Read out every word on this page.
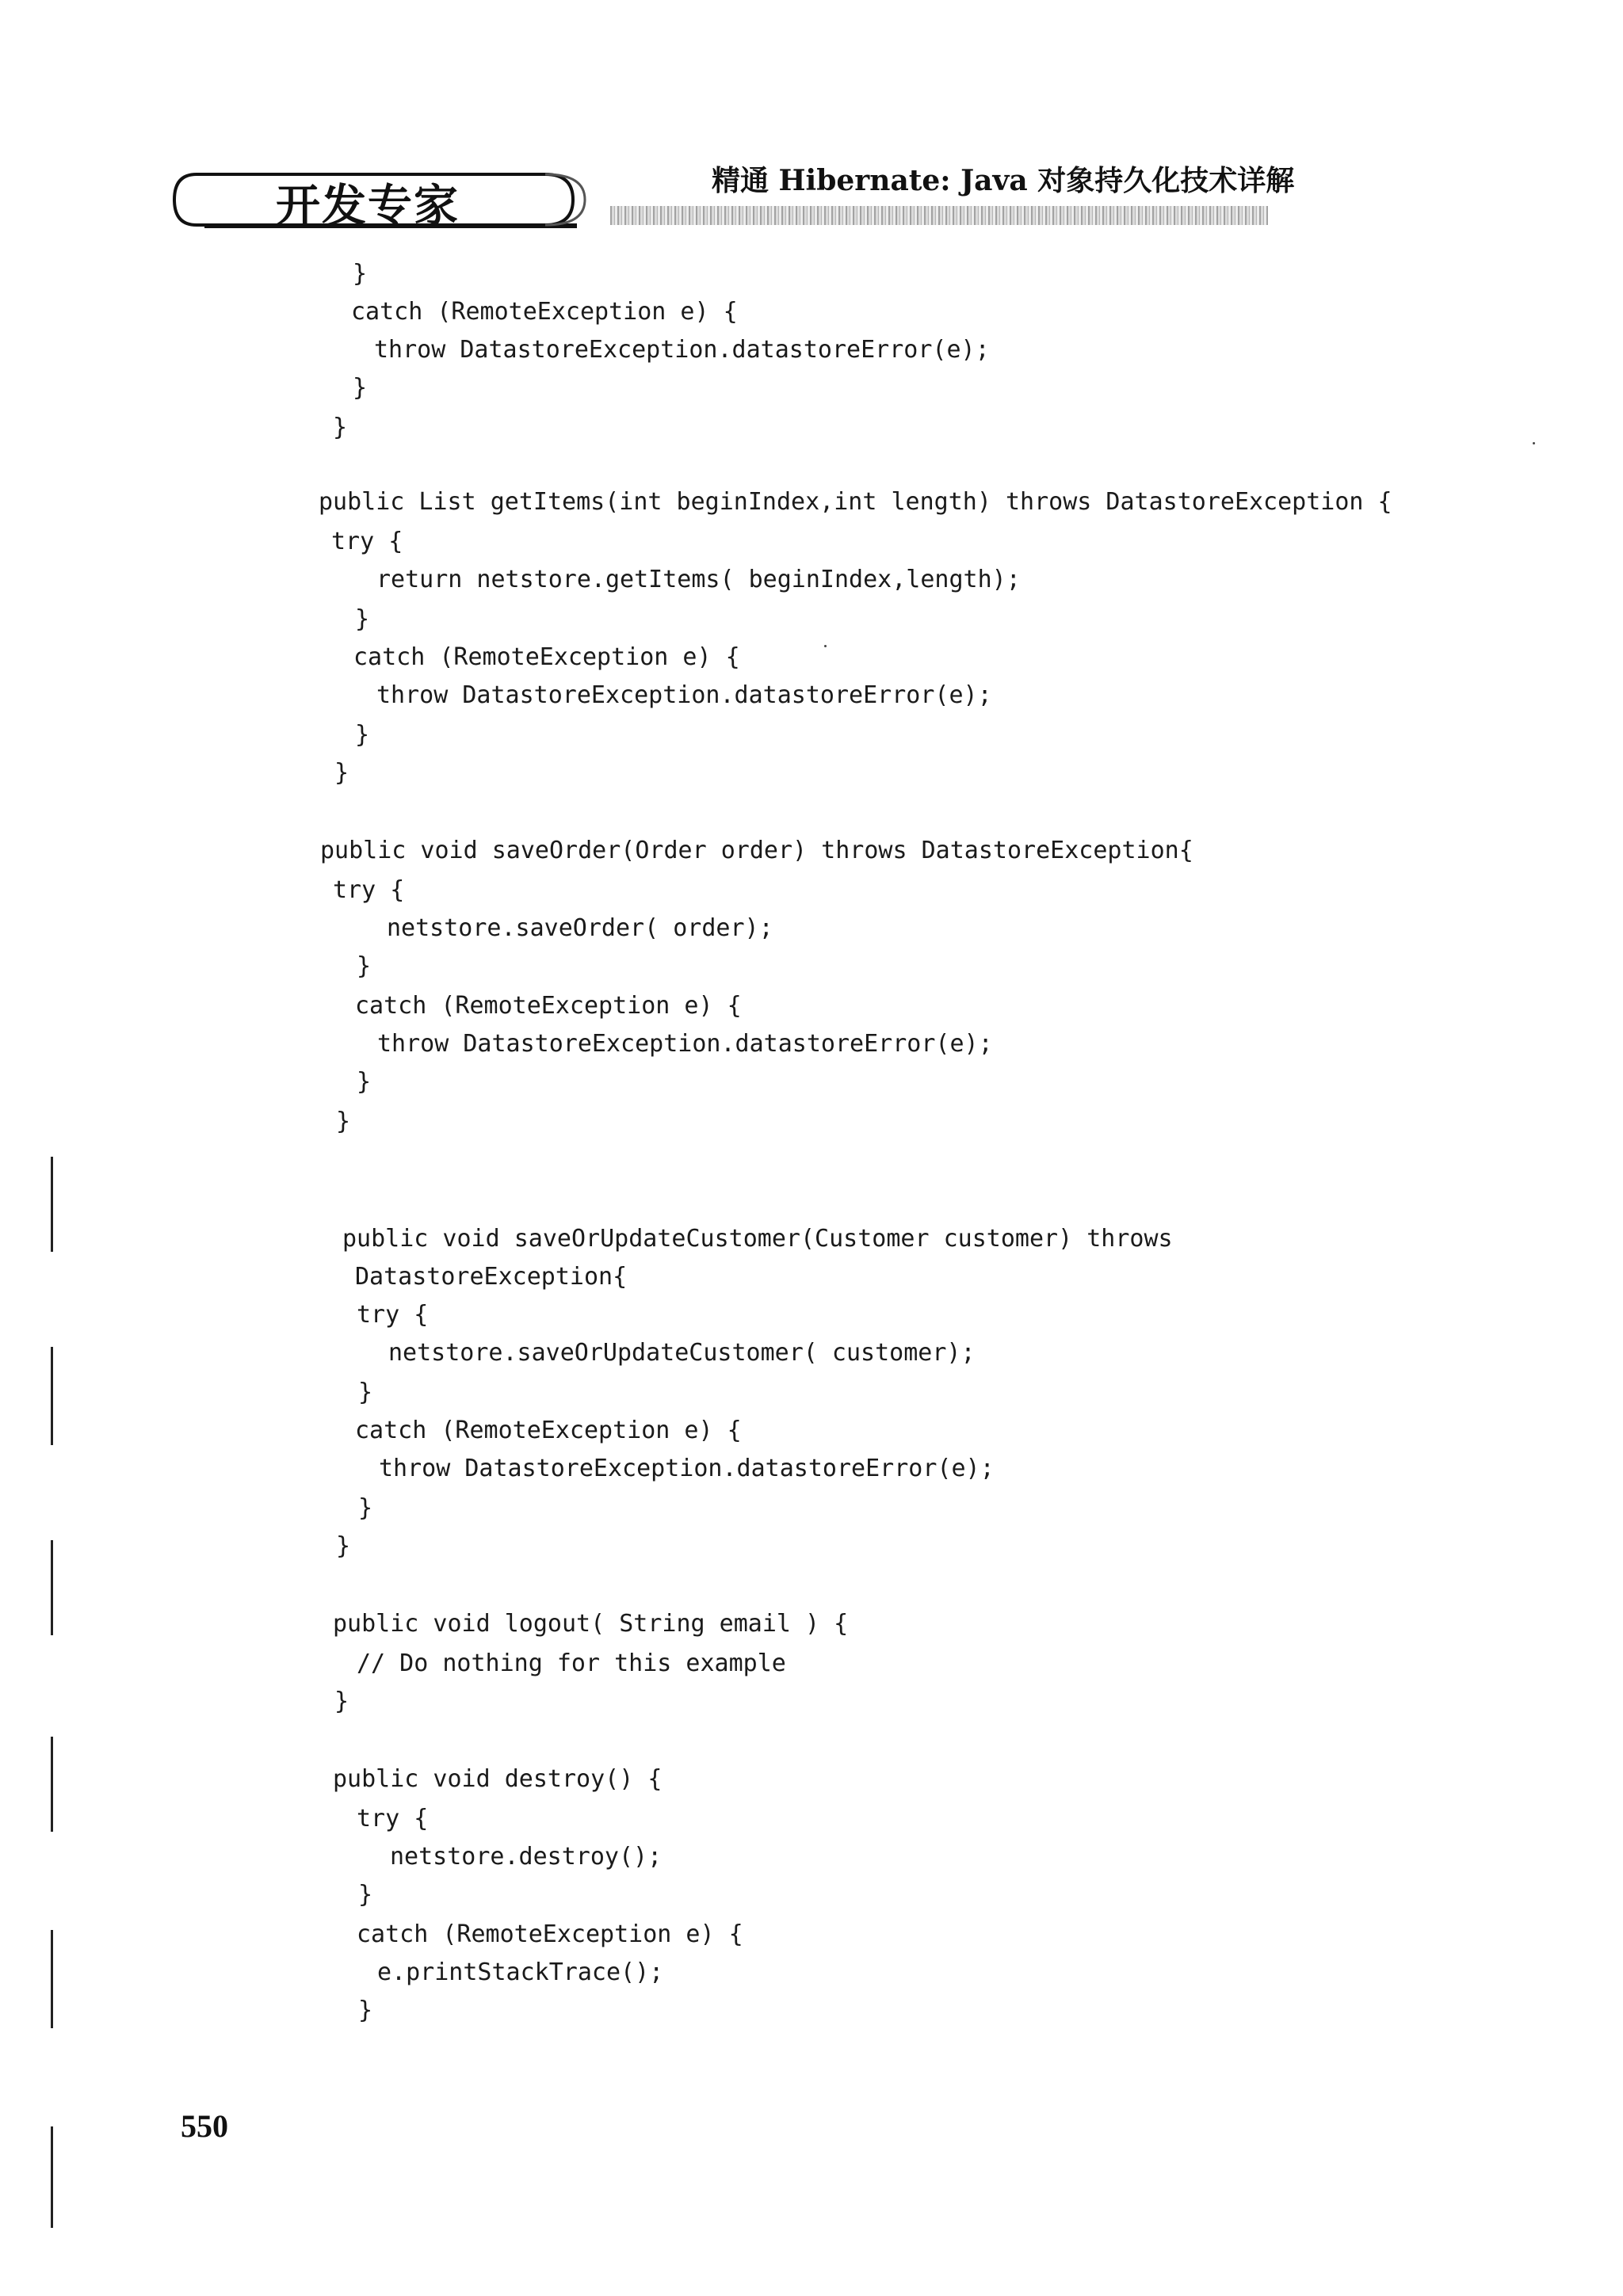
开发专家	精通 Hibernate: Java 对象持久化技术详解
}
catch (RemoteException e) {
throw DatastoreException.datastoreError(e);
}
}
public List getItems(int beginIndex,int length) throws DatastoreException {
try {
return netstore.getItems( beginIndex,length);
}
catch (RemoteException e) {
throw DatastoreException.datastoreError(e);
}
}
public void saveOrder(Order order) throws DatastoreException{
try {
netstore.saveOrder( order);
}
catch (RemoteException e) {
throw DatastoreException.datastoreError(e);
}
}
public void saveOrUpdateCustomer(Customer customer) throws
DatastoreException{
try {
netstore.saveOrUpdateCustomer( customer);
}
catch (RemoteException e) {
throw DatastoreException.datastoreError(e);
}
}
public void logout( String email ) {
// Do nothing for this example
}
public void destroy() {
try {
netstore.destroy();
}
catch (RemoteException e) {
e.printStackTrace();
}
550
